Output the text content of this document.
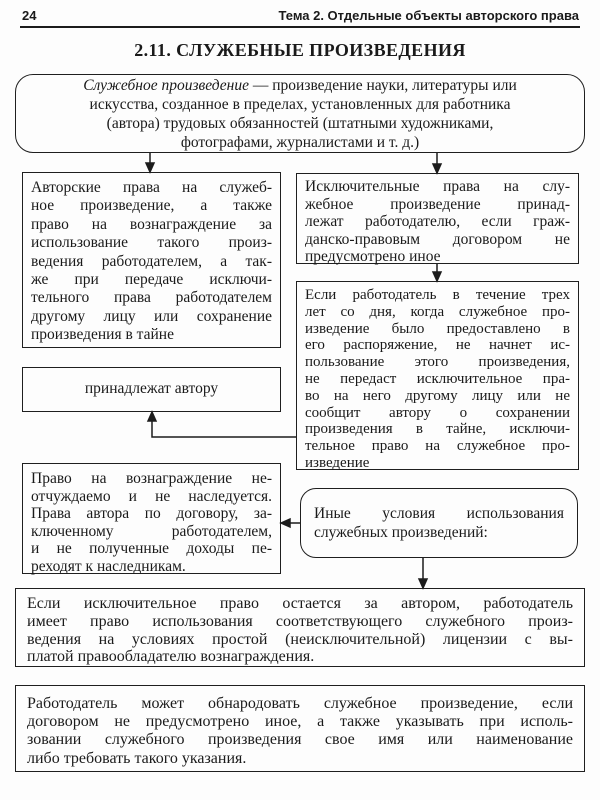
24	Тема 2. Отдельные объекты авторского права
2.11. СЛУЖЕБНЫЕ ПРОИЗВЕДЕНИЯ
Служебное произведение — произведение науки, литературы или
искусства, созданное в пределах, установленных для работника
(автора) трудовых обязанностей (штатными художниками,
фотографами, журналистами и т. д.)
Авторские права на служеб-
ное произведение, а также
право на вознаграждение за
использование такого произ-
ведения работодателем, а так-
же при передаче исключи-
тельного права работодателем
другому лицу или сохранение
произведения в тайне
Исключительные права на слу-
жебное произведение принад-
лежат работодателю, если граж-
данско-правовым договором не
предусмотрено иное
Если работодатель в течение трех
лет со дня, когда служебное про-
изведение было предоставлено в
его распоряжение, не начнет ис-
пользование этого произведения,
не передаст исключительное пра-
во на него другому лицу или не
сообщит автору о сохранении
произведения в тайне, исключи-
тельное право на служебное про-
изведение
принадлежат автору
Право на вознаграждение не-
отчуждаемо и не наследуется.
Права автора по договору, за-
ключенному работодателем,
и не полученные доходы пе-
реходят к наследникам.
Иные условия использования
служебных произведений:
Если исключительное право остается за автором, работодатель
имеет право использования соответствующего служебного произ-
ведения на условиях простой (неисключительной) лицензии с вы-
платой правообладателю вознаграждения.
Работодатель может обнародовать служебное произведение, если
договором не предусмотрено иное, а также указывать при исполь-
зовании служебного произведения свое имя или наименование
либо требовать такого указания.
